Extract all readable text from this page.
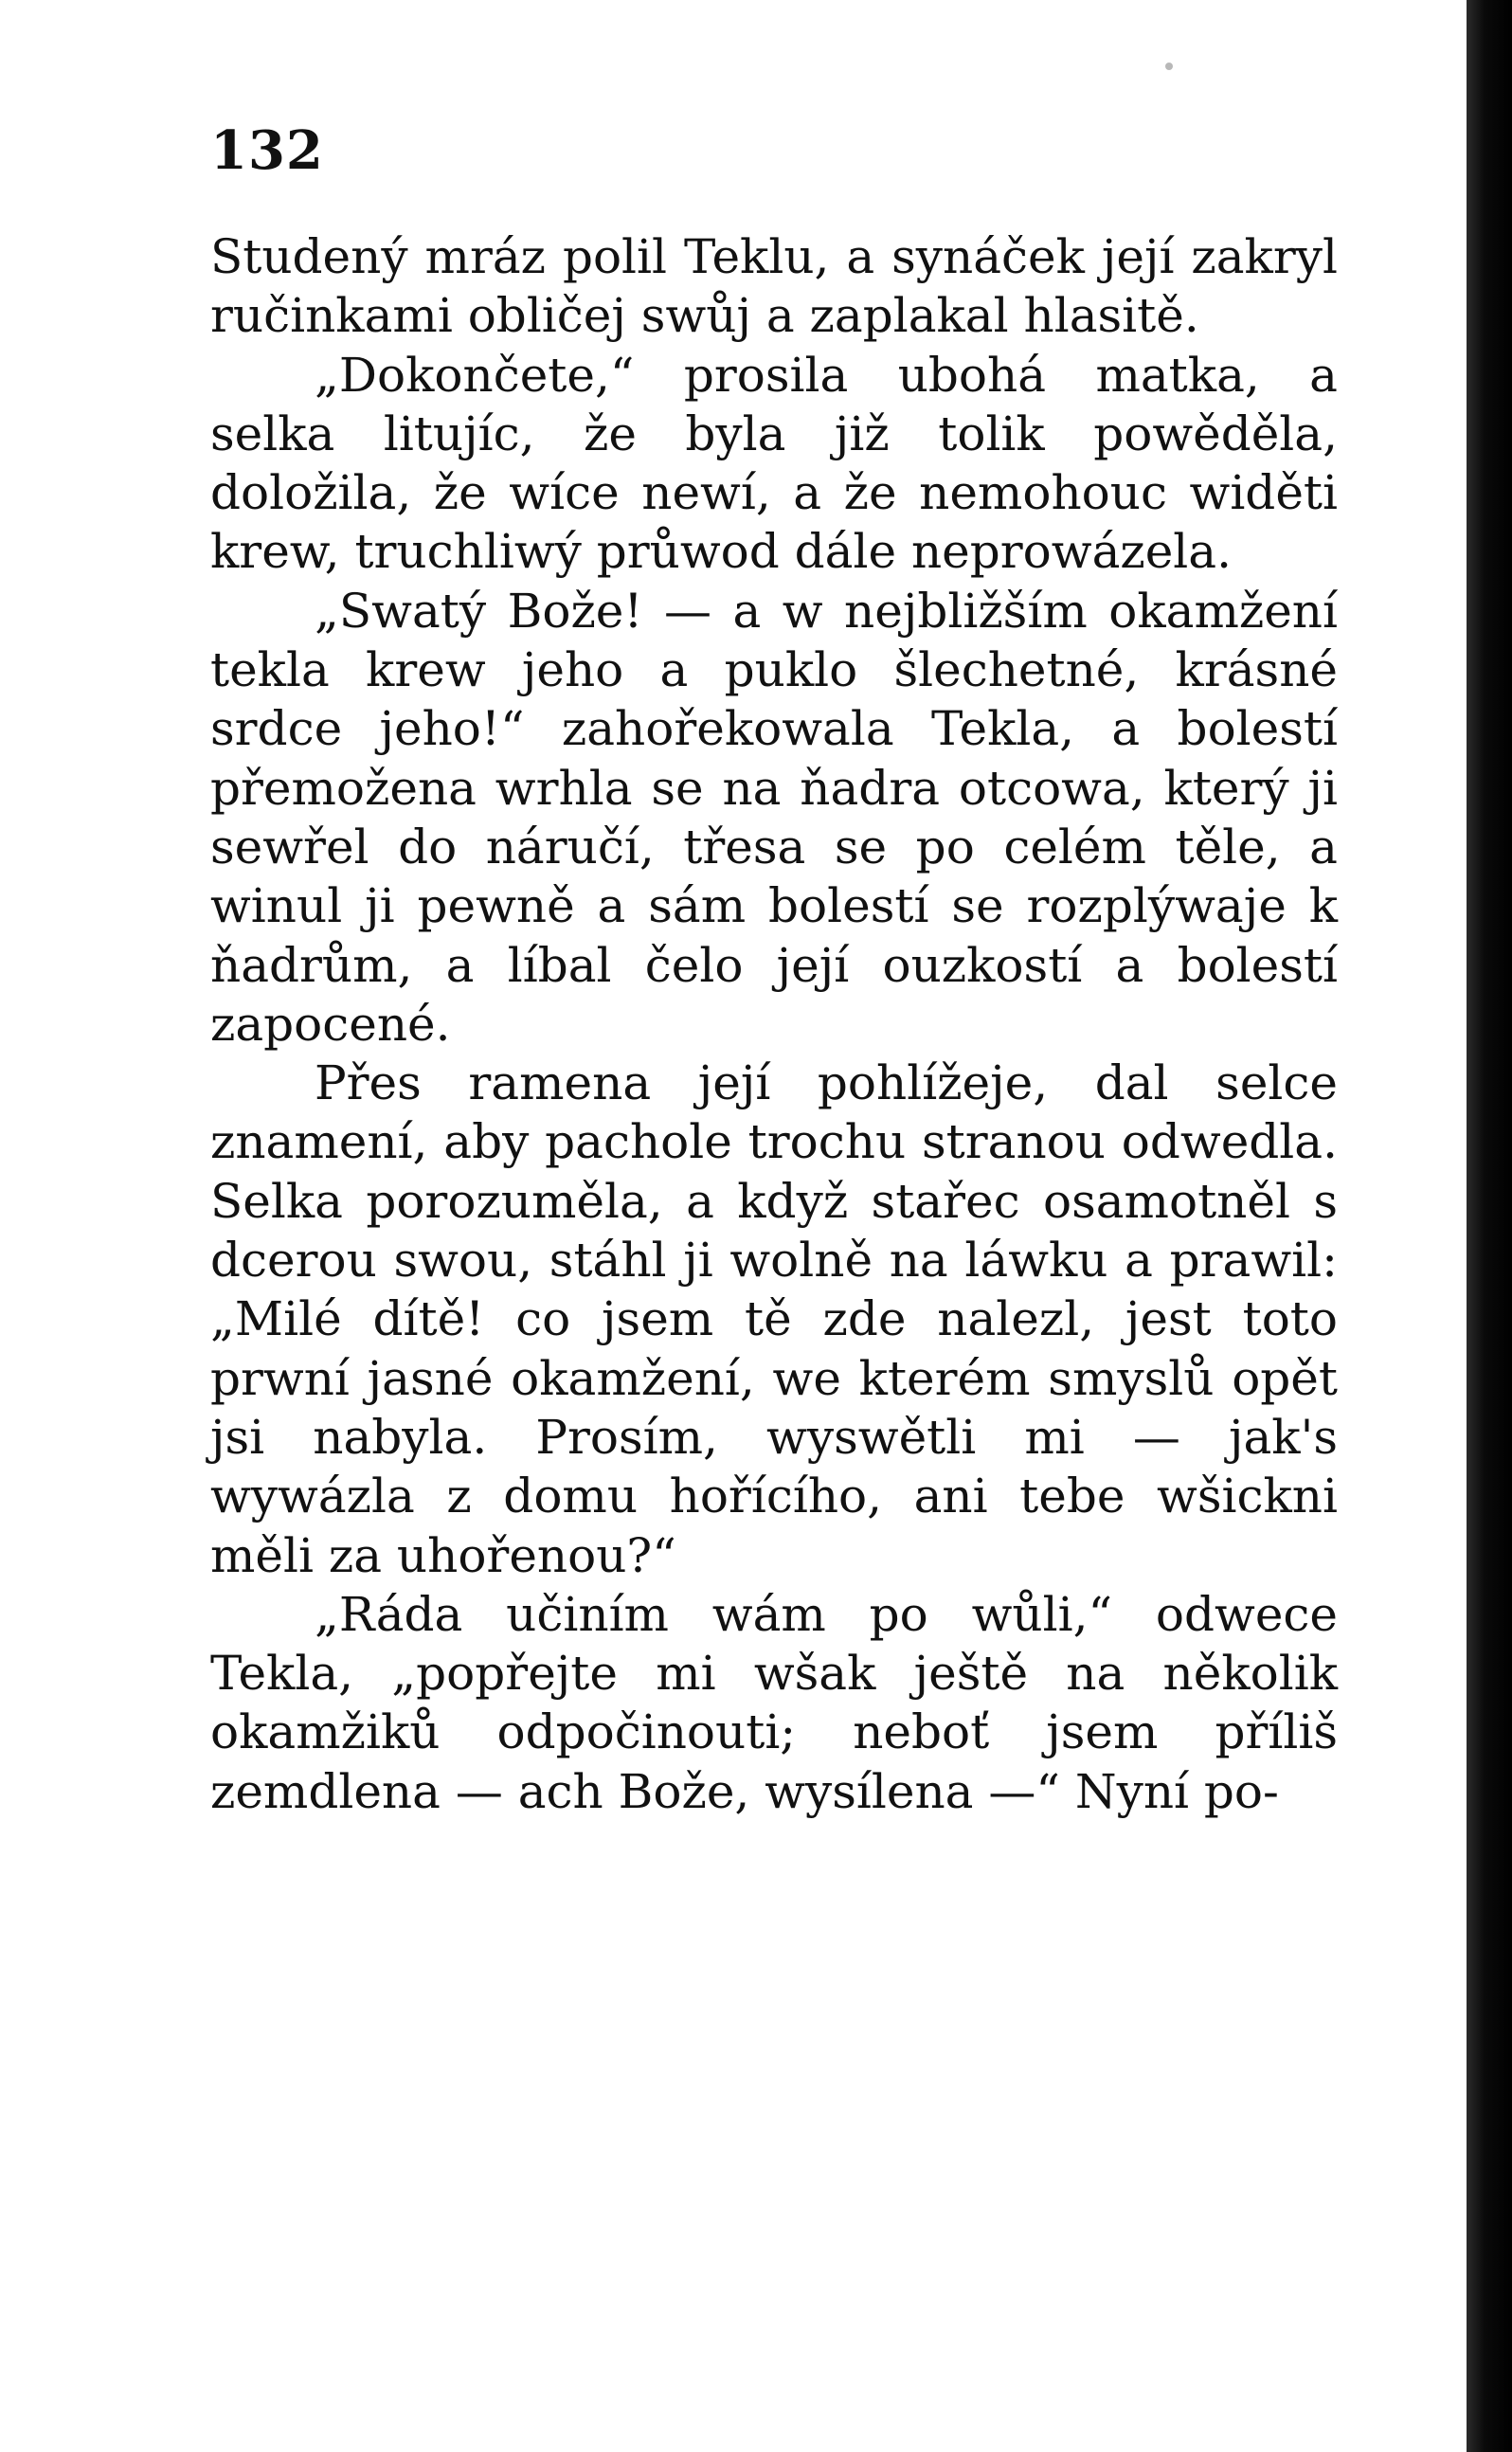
132

Studený mráz polil Teklu, a synáček její zakryl ručinkami obličej swůj a zaplakal hlasitě.

„Dokončete,“ prosila ubohá matka, a selka litujíc, že byla již tolik powěděla, doložila, že wíce newí, a že nemohouc widěti krew, truchliwý průwod dále neprowázela.

„Swatý Bože! — a w nejbližším okamžení tekla krew jeho a puklo šlechetné, krásné srdce jeho!“ zahořekowala Tekla, a bolestí přemožena wrhla se na ňadra otcowa, který ji sewřel do náručí, třesa se po celém těle, a winul ji pewně a sám bolestí se rozplýwaje k ňadrům, a líbal čelo její ouzkostí a bolestí zapocené.

Přes ramena její pohlížeje, dal selce znamení, aby pachole trochu stranou odwedla. Selka porozuměla, a když stařec osamotněl s dcerou swou, stáhl ji wolně na láwku a prawil: „Milé dítě! co jsem tě zde nalezl, jest toto prwní jasné okamžení, we kterém smyslů opět jsi nabyla. Prosím, wyswětli mi — jak's wywázla z domu hořícího, ani tebe wšickni měli za uhořenou?“

„Ráda učiním wám po wůli,“ odwece Tekla, „popřejte mi wšak ještě na několik okamžiků odpočinouti; neboť jsem příliš zemdlena — ach Bože, wysílena —“ Nyní po-
